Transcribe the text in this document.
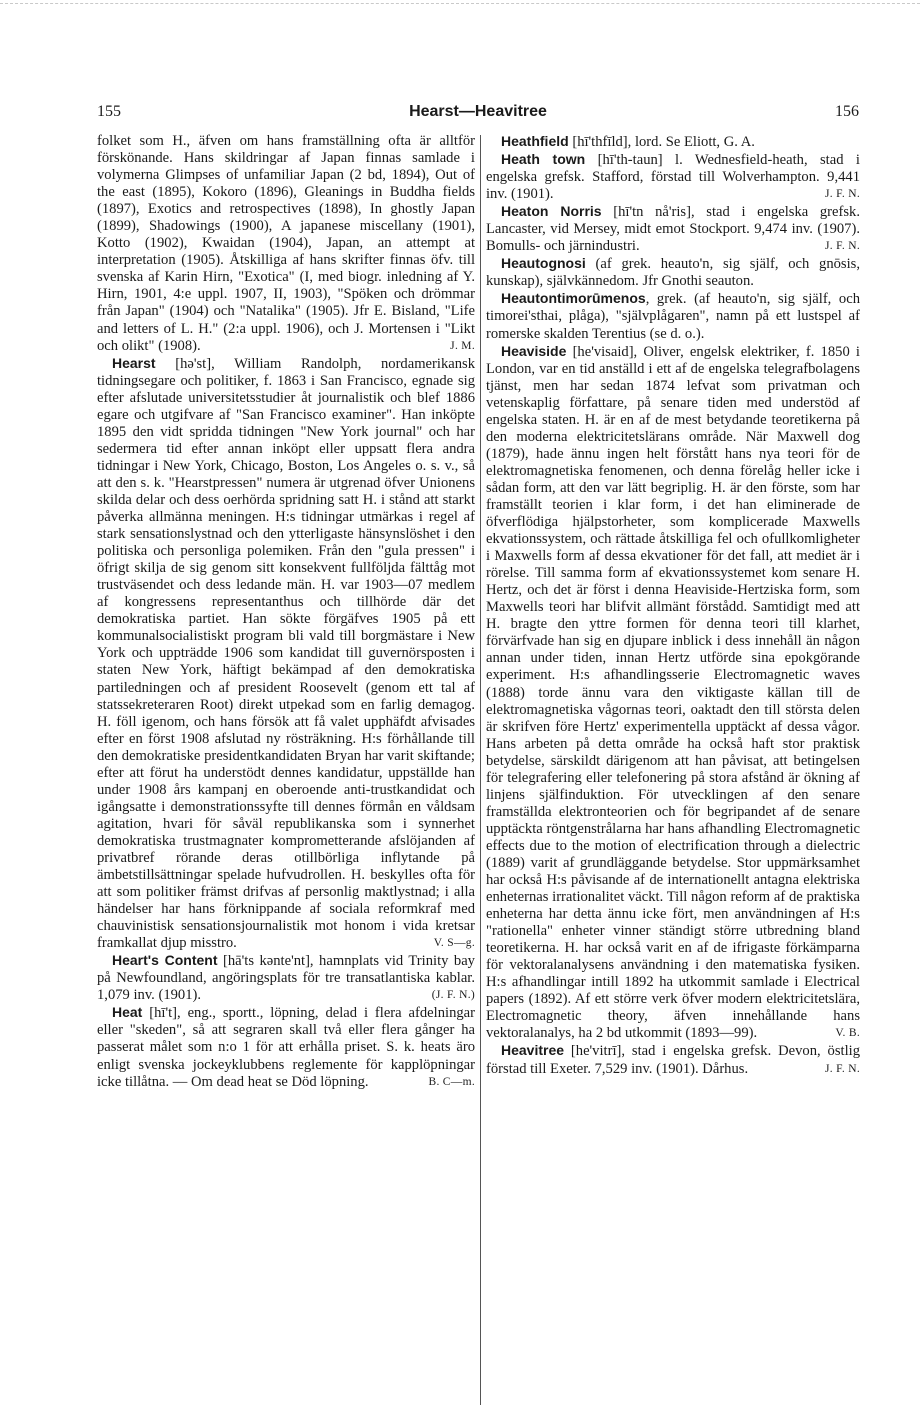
155	Hearst—Heavitree	156

folket som H., äfven om hans framställning ofta är alltför förskönande. Hans skildringar af Japan finnas samlade i volymerna Glimpses of unfamiliar Japan (2 bd, 1894), Out of the east (1895), Kokoro (1896), Gleanings in Buddha fields (1897), Exotics and retrospectives (1898), In ghostly Japan (1899), Shadowings (1900), A japanese miscellany (1901), Kotto (1902), Kwaidan (1904), Japan, an attempt at interpretation (1905). Åtskilliga af hans skrifter finnas öfv. till svenska af Karin Hirn, "Exotica" (I, med biogr. inledning af Y. Hirn, 1901, 4:e uppl. 1907, II, 1903), "Spöken och drömmar från Japan" (1904) och "Natalika" (1905). Jfr E. Bisland, "Life and letters of L. H." (2:a uppl. 1906), och J. Mortensen i "Likt och olikt" (1908).	J. M.

Hearst [hə'st], William Randolph, nordamerikansk tidningsegare och politiker, f. 1863 i San Francisco, egnade sig efter afslutade universitetsstudier åt journalistik och blef 1886 egare och utgifvare af "San Francisco examiner". Han inköpte 1895 den vidt spridda tidningen "New York journal" och har sedermera tid efter annan inköpt eller uppsatt flera andra tidningar i New York, Chicago, Boston, Los Angeles o. s. v., så att den s. k. "Hearstpressen" numera är utgrenad öfver Unionens skilda delar och dess oerhörda spridning satt H. i stånd att starkt påverka allmänna meningen. H:s tidningar utmärkas i regel af stark sensationslystnad och den ytterligaste hänsynslöshet i den politiska och personliga polemiken. Från den "gula pressen" i öfrigt skilja de sig genom sitt konsekvent fullföljda fälttåg mot trustväsendet och dess ledande män. H. var 1903—07 medlem af kongressens representanthus och tillhörde där det demokratiska partiet. Han sökte förgäfves 1905 på ett kommunalsocialistiskt program bli vald till borgmästare i New York och uppträdde 1906 som kandidat till guvernörsposten i staten New York, häftigt bekämpad af den demokratiska partiledningen och af president Roosevelt (genom ett tal af statssekreteraren Root) direkt utpekad som en farlig demagog. H. föll igenom, och hans försök att få valet upphäfdt afvisades efter en först 1908 afslutad ny rösträkning. H:s förhållande till den demokratiske presidentkandidaten Bryan har varit skiftande; efter att förut ha understödt dennes kandidatur, uppställde han under 1908 års kampanj en oberoende anti-trustkandidat och igångsatte i demonstrationssyfte till dennes förmån en våldsam agitation, hvari för såväl republikanska som i synnerhet demokratiska trustmagnater komprometterande afslöjanden af privatbref rörande deras otillbörliga inflytande på ämbetstillsättningar spelade hufvudrollen. H. beskylles ofta för att som politiker främst drifvas af personlig maktlystnad; i alla händelser har hans förknippande af sociala reformkraf med chauvinistisk sensationsjournalistik mot honom i vida kretsar framkallat djup misstro.	V. S—g.

Heart's Content [hā'ts kənte'nt], hamnplats vid Trinity bay på Newfoundland, angöringsplats för tre transatlantiska kablar. 1,079 inv. (1901).	(J. F. N.)

Heat [hī't], eng., sportt., löpning, delad i flera afdelningar eller "skeden", så att segraren skall två eller flera gånger ha passerat målet som n:o 1 för att erhålla priset. S. k. heats äro enligt svenska jockeyklubbens reglemente för kapplöpningar icke tillåtna. — Om dead heat se Död löpning.	B. C—m.

Heathfield [hī'thfīld], lord. Se Eliott, G. A.

Heath town [hī'th-taun] l. Wednesfield-heath, stad i engelska grefsk. Stafford, förstad till Wolverhampton. 9,441 inv. (1901).	J. F. N.

Heaton Norris [hī'tn nå'ris], stad i engelska grefsk. Lancaster, vid Mersey, midt emot Stockport. 9,474 inv. (1907). Bomulls- och järnindustri.	J. F. N.

Heautognosi (af grek. heauto'n, sig själf, och gnōsis, kunskap), självkännedom. Jfr Gnothi seauton.

Heautontimorūmenos, grek. (af heauto'n, sig själf, och timorei'sthai, plåga), "självplågaren", namn på ett lustspel af romerske skalden Terentius (se d. o.).

Heaviside [he'visaid], Oliver, engelsk elektriker, f. 1850 i London, var en tid anställd i ett af de engelska telegrafbolagens tjänst, men har sedan 1874 lefvat som privatman och vetenskaplig författare, på senare tiden med understöd af engelska staten. H. är en af de mest betydande teoretikerna på den moderna elektricitetslärans område. När Maxwell dog (1879), hade ännu ingen helt förstått hans nya teori för de elektromagnetiska fenomenen, och denna förelåg heller icke i sådan form, att den var lätt begriplig. H. är den förste, som har framställt teorien i klar form, i det han eliminerade de öfverflödiga hjälpstorheter, som komplicerade Maxwells ekvationssystem, och rättade åtskilliga fel och ofullkomligheter i Maxwells form af dessa ekvationer för det fall, att mediet är i rörelse. Till samma form af ekvationssystemet kom senare H. Hertz, och det är först i denna Heaviside-Hertziska form, som Maxwells teori har blifvit allmänt förstådd. Samtidigt med att H. bragte den yttre formen för denna teori till klarhet, förvärfvade han sig en djupare inblick i dess innehåll än någon annan under tiden, innan Hertz utförde sina epokgörande experiment. H:s afhandlingsserie Electromagnetic waves (1888) torde ännu vara den viktigaste källan till de elektromagnetiska vågornas teori, oaktadt den till största delen är skrifven före Hertz' experimentella upptäckt af dessa vågor. Hans arbeten på detta område ha också haft stor praktisk betydelse, särskildt därigenom att han påvisat, att betingelsen för telegrafering eller telefonering på stora afstånd är ökning af linjens själfinduktion. För utvecklingen af den senare framställda elektronteorien och för begripandet af de senare upptäckta röntgenstrålarna har hans afhandling Electromagnetic effects due to the motion of electrification through a dielectric (1889) varit af grundläggande betydelse. Stor uppmärksamhet har också H:s påvisande af de internationellt antagna elektriska enheternas irrationalitet väckt. Till någon reform af de praktiska enheterna har detta ännu icke fört, men användningen af H:s "rationella" enheter vinner ständigt större utbredning bland teoretikerna. H. har också varit en af de ifrigaste förkämparna för vektoralanalysens användning i den matematiska fysiken. H:s afhandlingar intill 1892 ha utkommit samlade i Electrical papers (1892). Af ett större verk öfver modern elektricitetslära, Electromagnetic theory, äfven innehållande hans vektoralanalys, ha 2 bd utkommit (1893—99).	V. B.

Heavitree [he'vitrī], stad i engelska grefsk. Devon, östlig förstad till Exeter. 7,529 inv. (1901). Dårhus.	J. F. N.
